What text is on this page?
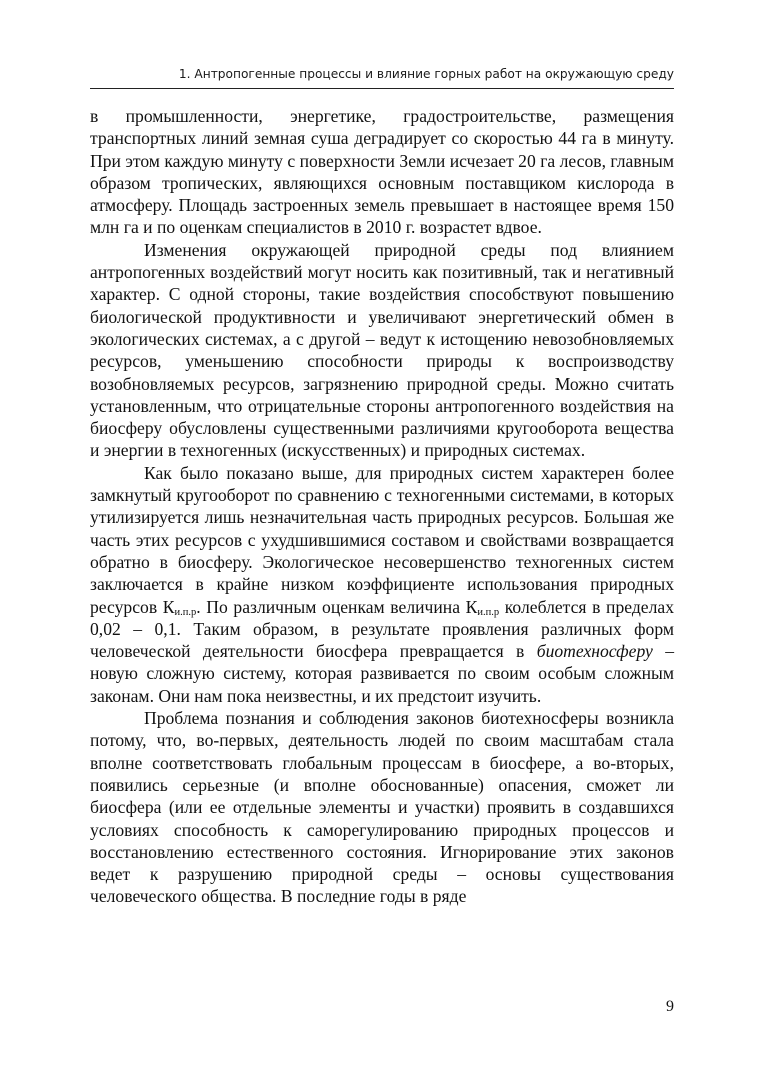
1. Антропогенные процессы и влияние горных работ на окружающую среду

в промышленности, энергетике, градостроительстве, размещения транспортных линий земная суша деградирует со скоростью 44 га в минуту. При этом каждую минуту с поверхности Земли исчезает 20 га лесов, главным образом тропических, являющихся основным поставщиком кислорода в атмосферу. Площадь застроенных земель превышает в настоящее время 150 млн га и по оценкам специалистов в 2010 г. возрастет вдвое.

Изменения окружающей природной среды под влиянием антропогенных воздействий могут носить как позитивный, так и негативный характер. С одной стороны, такие воздействия способствуют повышению биологической продуктивности и увеличивают энергетический обмен в экологических системах, а с другой – ведут к истощению невозобновляемых ресурсов, уменьшению способности природы к воспроизводству возобновляемых ресурсов, загрязнению природной среды. Можно считать установленным, что отрицательные стороны антропогенного воздействия на биосферу обусловлены существенными различиями кругооборота вещества и энергии в техногенных (искусственных) и природных системах.

Как было показано выше, для природных систем характерен более замкнутый кругооборот по сравнению с техногенными системами, в которых утилизируется лишь незначительная часть природных ресурсов. Большая же часть этих ресурсов с ухудшившимися составом и свойствами возвращается обратно в биосферу. Экологическое несовершенство техногенных систем заключается в крайне низком коэффициенте использования природных ресурсов $К_{и.п.р}$. По различным оценкам величина $К_{и.п.р}$ колеблется в пределах 0,02 – 0,1. Таким образом, в результате проявления различных форм человеческой деятельности биосфера превращается в биотехносферу – новую сложную систему, которая развивается по своим особым сложным законам. Они нам пока неизвестны, и их предстоит изучить.

Проблема познания и соблюдения законов биотехносферы возникла потому, что, во-первых, деятельность людей по своим масштабам стала вполне соответствовать глобальным процессам в биосфере, а во-вторых, появились серьезные (и вполне обоснованные) опасения, сможет ли биосфера (или ее отдельные элементы и участки) проявить в создавшихся условиях способность к саморегулированию природных процессов и восстановлению естественного состояния. Игнорирование этих законов ведет к разрушению природной среды – основы существования человеческого общества. В последние годы в ряде

9
